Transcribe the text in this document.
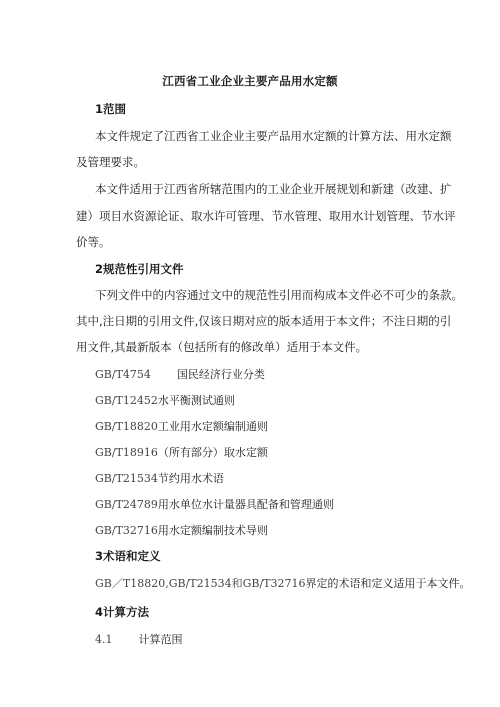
江西省工业企业主要产品用水定额
1范围
本文件规定了江西省工业企业主要产品用水定额的计算方法、用水定额
及管理要求。
本文件适用于江西省所辖范围内的工业企业开展规划和新建（改建、扩
建）项目水资源论证、取水许可管理、节水管理、取用水计划管理、节水评
价等。
2规范性引用文件
下列文件中的内容通过文中的规范性引用而构成本文件必不可少的条款。
其中,注日期的引用文件,仅该日期对应的版本适用于本文件；不注日期的引
用文件,其最新版本（包括所有的修改单）适用于本文件。
GB/T4754 国民经济行业分类
GB/T12452水平衡测试通则
GB/T18820工业用水定额编制通则
GB/T18916（所有部分）取水定额
GB/T21534节约用水术语
GB/T24789用水单位水计量器具配备和管理通则
GB/T32716用水定额编制技术导则
3术语和定义
GB／T18820,GB/T21534和GB/T32716界定的术语和定义适用于本文件。
4计算方法
4.1 计算范围
